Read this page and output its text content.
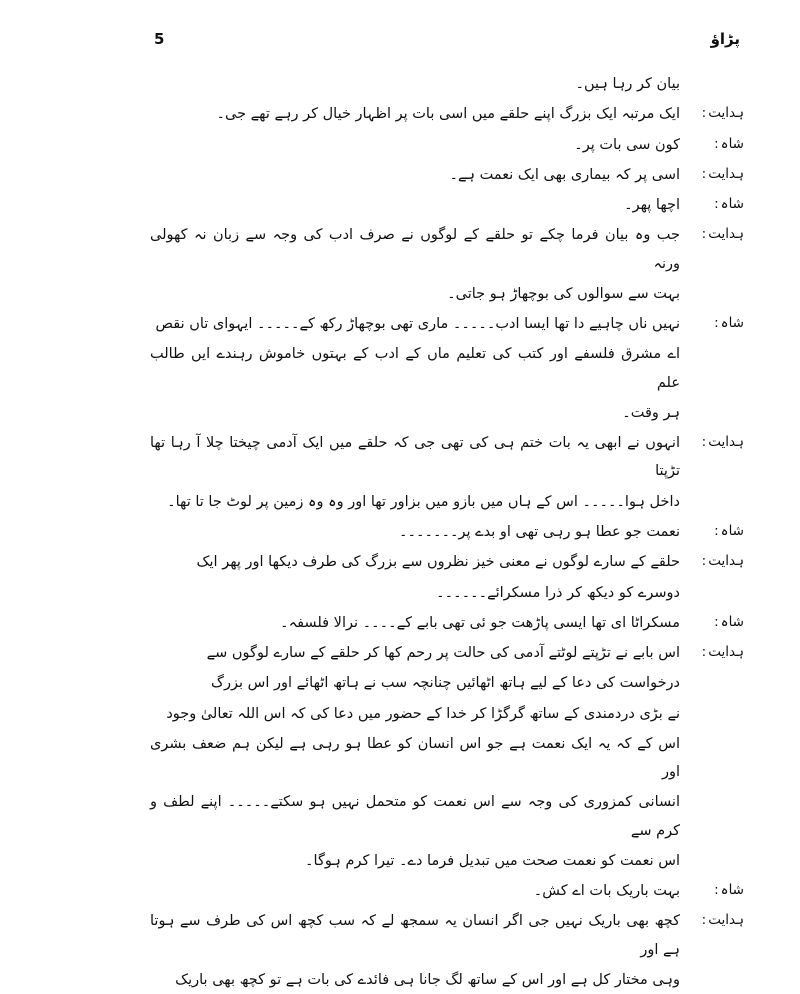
پڑاؤ
5
بیان کر رہا ہیں۔
ہدایت:
ایک مرتبہ ایک بزرگ اپنے حلقے میں اسی بات پر اظہار خیال کر رہے تھے جی۔
شاہ:
کون سی بات پر۔
ہدایت:
اسی پر کہ بیماری بھی ایک نعمت ہے۔
شاہ:
اچھا پھر۔
ہدایت:
جب وہ بیان فرما چکے تو حلقے کے لوگوں نے صرف ادب کی وجہ سے زبان نہ کھولی ورنہ
بہت سے سوالوں کی بوچھاڑ ہو جاتی۔
شاہ:
نہیں ناں چاہیے دا تھا ایسا ادب۔۔۔۔۔ ماری تھی بوچھاڑ رکھ کے۔۔۔۔۔ ایہوای تاں نقص
اے مشرق فلسفے اور کتب کی تعلیم ماں کے ادب کے بہتوں خاموش رہندے ایں طالب علم
ہر وقت۔
ہدایت:
انہوں نے ابھی یہ بات ختم ہی کی تھی جی کہ حلقے میں ایک آدمی چیختا چلا آ رہا تھا تڑپتا
داخل ہوا۔۔۔۔۔ اس کے ہاں میں بازو میں بزاور تھا اور وہ وہ زمین پر لوٹ جا تا تھا۔
شاہ:
نعمت جو عطا ہو رہی تھی او بدے پر۔۔۔۔۔۔۔
ہدایت:
حلقے کے سارے لوگوں نے معنی خیز نظروں سے بزرگ کی طرف دیکھا اور پھر ایک
دوسرے کو دیکھ کر ذرا مسکرائے۔۔۔۔۔۔
شاہ:
مسکراٹا ای تھا ایسی پاڑھت جو ئی تھی بابے کے۔۔۔۔ نرالا فلسفہ۔
ہدایت:
اس بابے نے تڑپتے لوٹتے آدمی کی حالت پر رحم کھا کر حلقے کے سارے لوگوں سے
درخواست کی دعا کے لیے ہاتھ اٹھائیں چنانچہ سب نے ہاتھ اٹھائے اور اس بزرگ
نے بڑی دردمندی کے ساتھ گرگڑا کر خدا کے حضور میں دعا کی کہ اس اللہ تعالیٰ وجود
اس کے کہ یہ ایک نعمت ہے جو اس انسان کو عطا ہو رہی ہے لیکن ہم ضعف بشری اور
انسانی کمزوری کی وجہ سے اس نعمت کو متحمل نہیں ہو سکتے۔۔۔۔۔ اپنے لطف و کرم سے
اس نعمت کو نعمت صحت میں تبدیل فرما دے۔ تیرا کرم ہوگا۔
شاہ:
بہت باریک بات اے کش۔
ہدایت:
کچھ بھی باریک نہیں جی اگر انسان یہ سمجھ لے کہ سب کچھ اس کی طرف سے ہوتا ہے اور
وہی مختار کل ہے اور اس کے ساتھ لگ جانا ہی فائدے کی بات ہے تو کچھ بھی باریک
